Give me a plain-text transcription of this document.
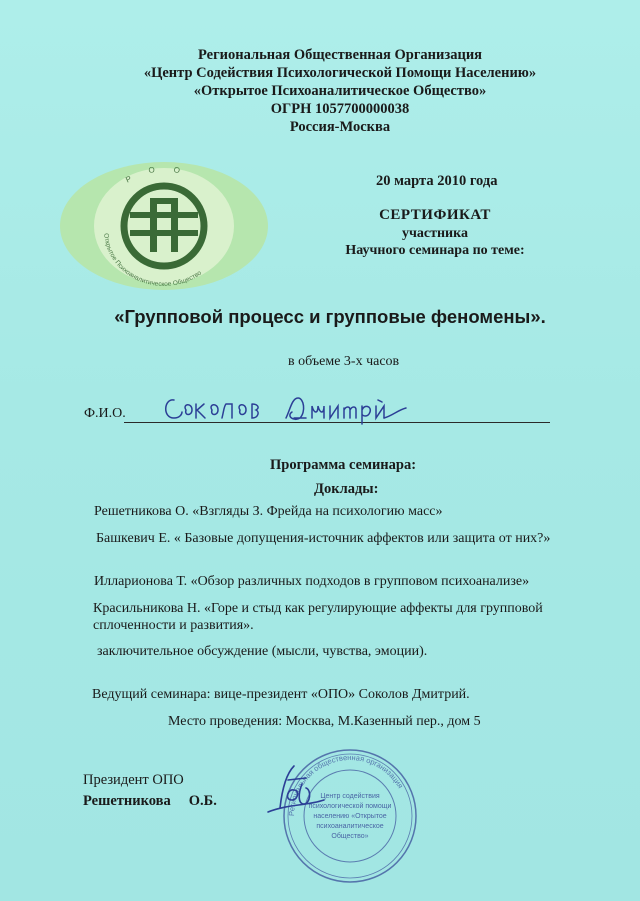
Региональная Общественная Организация
«Центр Содействия Психологической Помощи Населению»
«Открытое Психоаналитическое Общество»
ОГРН 1057700000038
Россия-Москва
РОО
Открытое Психоаналитическое Общество
20 марта 2010 года
СЕРТИФИКАТ
участника
Научного семинара по теме:
«Групповой процесс и групповые феномены».
в объеме 3-х часов
Ф.И.О.
Программа семинара:
Доклады:
Решетникова О. «Взгляды З. Фрейда на психологию масс»
Башкевич Е. « Базовые допущения-источник аффектов или защита от них?»
Илларионова Т. «Обзор различных подходов в групповом психоанализе»
Красильникова Н. «Горе и стыд как регулирующие аффекты для групповой сплоченности и развития».
заключительное обсуждение (мысли, чувства, эмоции).
Ведущий семинара: вице-президент «ОПО» Соколов Дмитрий.
Место проведения: Москва, М.Казенный пер., дом 5
Президент ОПО
Решетникова О.Б.
Региональная общественная организация
Центр содействия
психологической помощи
населению «Открытое
психоаналитическое
Общество»
